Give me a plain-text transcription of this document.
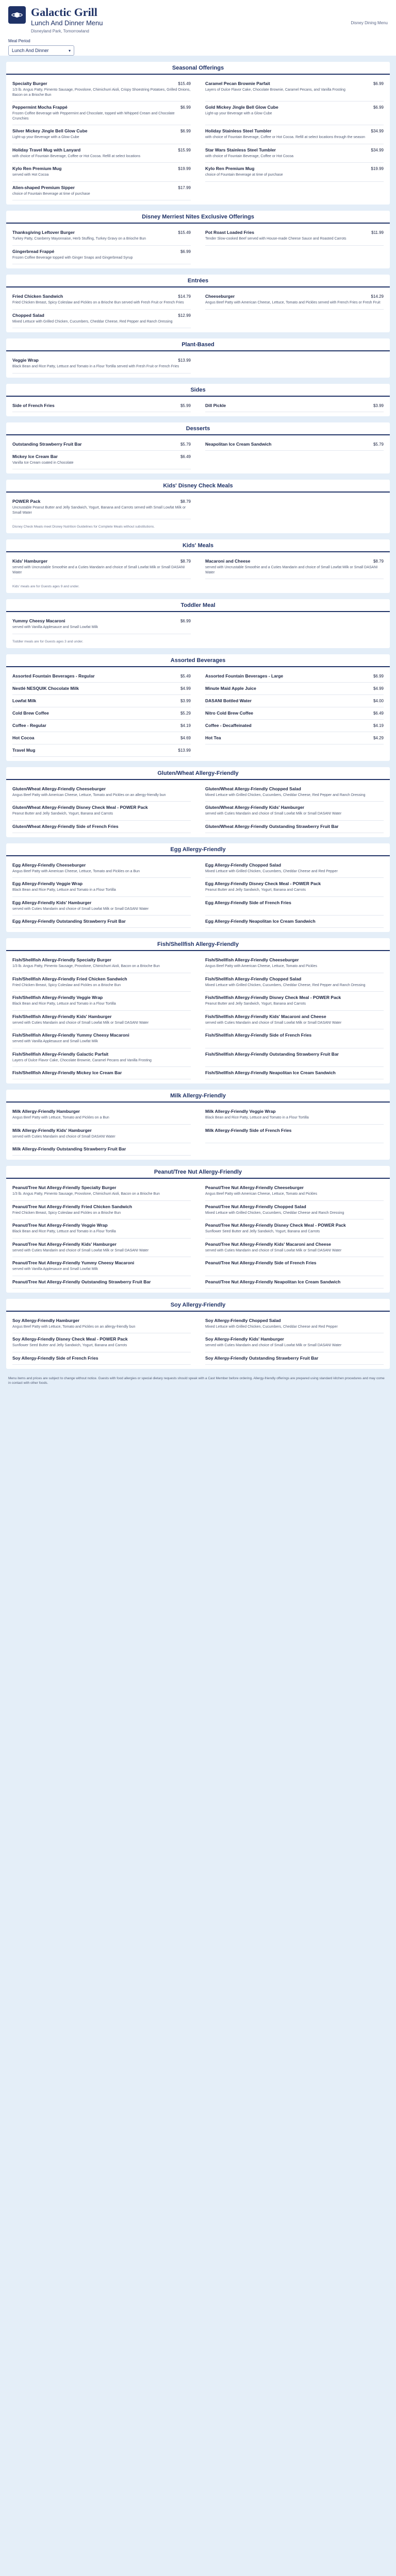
Galactic Grill
Lunch And Dinner Menu
Disneyland Park, Tomorrowland
Disney Dining Menu
Meal Period
Lunch And Dinner	▾
Seasonal Offerings
Specialty Burger	$15.49
1/3 lb. Angus Patty, Pimento Sausage, Provolone, Chimichurri Aioli, Crispy Shoestring Potatoes, Grilled Onions, Bacon on a Brioche Bun
Caramel Pecan Brownie Parfait	$6.99
Layers of Dulce Flavor Cake, Chocolate Brownie, Caramel Pecans, and Vanilla Frosting
Peppermint Mocha Frappé	$6.99
Frozen Coffee Beverage with Peppermint and Chocolate, topped with Whipped Cream and Chocolate Crunchies
Gold Mickey Jingle Bell Glow Cube	$6.99
Light-up your Beverage with a Glow Cube
Silver Mickey Jingle Bell Glow Cube	$6.99
Light-up your Beverage with a Glow Cube
Holiday Stainless Steel Tumbler	$34.99
with choice of Fountain Beverage, Coffee or Hot Cocoa. Refill at select locations through the season
Holiday Travel Mug with Lanyard	$15.99
with choice of Fountain Beverage, Coffee or Hot Cocoa. Refill at select locations
Star Wars Stainless Steel Tumbler	$34.99
with choice of Fountain Beverage, Coffee or Hot Cocoa
Kylo Ren Premium Mug	$19.99
served with Hot Cocoa
Kylo Ren Premium Mug	$19.99
choice of Fountain Beverage at time of purchase
Alien-shaped Premium Sipper	$17.99
choice of Fountain Beverage at time of purchase
Disney Merriest Nites Exclusive Offerings
Thanksgiving Leftover Burger	$15.49
Turkey Patty, Cranberry Mayonnaise, Herb Stuffing, Turkey Gravy on a Brioche Bun
Pot Roast Loaded Fries	$11.99
Tender Slow-cooked Beef served with House-made Cheese Sauce and Roasted Carrots
Gingerbread Frappé	$6.99
Frozen Coffee Beverage topped with Ginger Snaps and Gingerbread Syrup
Entrées
Fried Chicken Sandwich	$14.79
Fried Chicken Breast, Spicy Coleslaw and Pickles on a Brioche Bun served with Fresh Fruit or French Fries
Cheeseburger	$14.29
Angus Beef Patty with American Cheese, Lettuce, Tomato and Pickles served with French Fries or Fresh Fruit
Chopped Salad	$12.99
Mixed Lettuce with Grilled Chicken, Cucumbers, Cheddar Cheese, Red Pepper and Ranch Dressing
Plant-Based
Veggie Wrap	$13.99
Black Bean and Rice Patty, Lettuce and Tomato in a Flour Tortilla served with Fresh Fruit or French Fries
Sides
Side of French Fries	$5.99	Dill Pickle	$3.99
Desserts
Outstanding Strawberry Fruit Bar	$5.79	Neapolitan Ice Cream Sandwich	$5.79
Mickey Ice Cream Bar	$6.49
Vanilla Ice Cream coated in Chocolate
Kids' Disney Check Meals
POWER Pack	$8.79
Uncrustable Peanut Butter and Jelly Sandwich, Yogurt, Banana and Carrots served with Small Lowfat Milk or Small Water
Disney Check Meals meet Disney Nutrition Guidelines for Complete Meals without substitutions.
Kids' Meals
Kids' Hamburger	$8.79
served with Uncrustable Smoothie and a Cuties Mandarin and choice of Small Lowfat Milk or Small DASANI Water
Macaroni and Cheese	$8.79
served with Uncrustable Smoothie and a Cuties Mandarin and choice of Small Lowfat Milk or Small DASANI Water
Kids' meals are for Guests ages 9 and under.
Toddler Meal
Yummy Cheesy Macaroni	$6.99
served with Vanilla Applesauce and Small Lowfat Milk
Toddler meals are for Guests ages 3 and under.
Assorted Beverages
Assorted Fountain Beverages - Regular	$5.49	Assorted Fountain Beverages - Large	$6.99
Nestlé NESQUIK Chocolate Milk	$4.99	Minute Maid Apple Juice	$4.99
Lowfat Milk	$3.99	DASANI Bottled Water	$4.00
Cold Brew Coffee	$5.29	Nitro Cold Brew Coffee	$6.49
Coffee - Regular	$4.19	Coffee - Decaffeinated	$4.19
Hot Cocoa	$4.69	Hot Tea	$4.29
Travel Mug	$13.99
Gluten/Wheat Allergy-Friendly
Gluten/Wheat Allergy-Friendly Cheeseburger
Angus Beef Patty with American Cheese, Lettuce, Tomato and Pickles on an allergy-friendly bun
Gluten/Wheat Allergy-Friendly Chopped Salad
Mixed Lettuce with Grilled Chicken, Cucumbers, Cheddar Cheese, Red Pepper and Ranch Dressing
Gluten/Wheat Allergy-Friendly Disney Check Meal - POWER Pack
Peanut Butter and Jelly Sandwich, Yogurt, Banana and Carrots
Gluten/Wheat Allergy-Friendly Kids' Hamburger
served with Cuties Mandarin and choice of Small Lowfat Milk or Small DASANI Water
Gluten/Wheat Allergy-Friendly Side of French Fries	Gluten/Wheat Allergy-Friendly Outstanding Strawberry Fruit Bar
Egg Allergy-Friendly
Egg Allergy-Friendly Cheeseburger
Angus Beef Patty with American Cheese, Lettuce, Tomato and Pickles on a Bun
Egg Allergy-Friendly Chopped Salad
Mixed Lettuce with Grilled Chicken, Cucumbers, Cheddar Cheese and Red Pepper
Egg Allergy-Friendly Veggie Wrap
Black Bean and Rice Patty, Lettuce and Tomato in a Flour Tortilla
Egg Allergy-Friendly Disney Check Meal - POWER Pack
Peanut Butter and Jelly Sandwich, Yogurt, Banana and Carrots
Egg Allergy-Friendly Kids' Hamburger
served with Cuties Mandarin and choice of Small Lowfat Milk or Small DASANI Water
Egg Allergy-Friendly Side of French Fries
Egg Allergy-Friendly Outstanding Strawberry Fruit Bar	Egg Allergy-Friendly Neapolitan Ice Cream Sandwich
Fish/Shellfish Allergy-Friendly
Fish/Shellfish Allergy-Friendly Specialty Burger
1/3 lb. Angus Patty, Pimento Sausage, Provolone, Chimichurri Aioli, Bacon on a Brioche Bun
Fish/Shellfish Allergy-Friendly Cheeseburger
Angus Beef Patty with American Cheese, Lettuce, Tomato and Pickles
Fish/Shellfish Allergy-Friendly Fried Chicken Sandwich
Fried Chicken Breast, Spicy Coleslaw and Pickles on a Brioche Bun
Fish/Shellfish Allergy-Friendly Chopped Salad
Mixed Lettuce with Grilled Chicken, Cucumbers, Cheddar Cheese, Red Pepper and Ranch Dressing
Fish/Shellfish Allergy-Friendly Veggie Wrap
Black Bean and Rice Patty, Lettuce and Tomato in a Flour Tortilla
Fish/Shellfish Allergy-Friendly Disney Check Meal - POWER Pack
Peanut Butter and Jelly Sandwich, Yogurt, Banana and Carrots
Fish/Shellfish Allergy-Friendly Kids' Hamburger
served with Cuties Mandarin and choice of Small Lowfat Milk or Small DASANI Water
Fish/Shellfish Allergy-Friendly Kids' Macaroni and Cheese
served with Cuties Mandarin and choice of Small Lowfat Milk or Small DASANI Water
Fish/Shellfish Allergy-Friendly Yummy Cheesy Macaroni
served with Vanilla Applesauce and Small Lowfat Milk
Fish/Shellfish Allergy-Friendly Side of French Fries
Fish/Shellfish Allergy-Friendly Galactic Parfait
Layers of Dulce Flavor Cake, Chocolate Brownie, Caramel Pecans and Vanilla Frosting
Fish/Shellfish Allergy-Friendly Outstanding Strawberry Fruit Bar
Fish/Shellfish Allergy-Friendly Mickey Ice Cream Bar	Fish/Shellfish Allergy-Friendly Neapolitan Ice Cream Sandwich
Milk Allergy-Friendly
Milk Allergy-Friendly Hamburger
Angus Beef Patty with Lettuce, Tomato and Pickles on a Bun
Milk Allergy-Friendly Veggie Wrap
Black Bean and Rice Patty, Lettuce and Tomato in a Flour Tortilla
Milk Allergy-Friendly Kids' Hamburger
served with Cuties Mandarin and choice of Small DASANI Water
Milk Allergy-Friendly Side of French Fries
Milk Allergy-Friendly Outstanding Strawberry Fruit Bar
Peanut/Tree Nut Allergy-Friendly
Peanut/Tree Nut Allergy-Friendly Specialty Burger
1/3 lb. Angus Patty, Pimento Sausage, Provolone, Chimichurri Aioli, Bacon on a Brioche Bun
Peanut/Tree Nut Allergy-Friendly Cheeseburger
Angus Beef Patty with American Cheese, Lettuce, Tomato and Pickles
Peanut/Tree Nut Allergy-Friendly Fried Chicken Sandwich
Fried Chicken Breast, Spicy Coleslaw and Pickles on a Brioche Bun
Peanut/Tree Nut Allergy-Friendly Chopped Salad
Mixed Lettuce with Grilled Chicken, Cucumbers, Cheddar Cheese and Ranch Dressing
Peanut/Tree Nut Allergy-Friendly Veggie Wrap
Black Bean and Rice Patty, Lettuce and Tomato in a Flour Tortilla
Peanut/Tree Nut Allergy-Friendly Disney Check Meal - POWER Pack
Sunflower Seed Butter and Jelly Sandwich, Yogurt, Banana and Carrots
Peanut/Tree Nut Allergy-Friendly Kids' Hamburger
served with Cuties Mandarin and choice of Small Lowfat Milk or Small DASANI Water
Peanut/Tree Nut Allergy-Friendly Kids' Macaroni and Cheese
served with Cuties Mandarin and choice of Small Lowfat Milk or Small DASANI Water
Peanut/Tree Nut Allergy-Friendly Yummy Cheesy Macaroni
served with Vanilla Applesauce and Small Lowfat Milk
Peanut/Tree Nut Allergy-Friendly Side of French Fries
Peanut/Tree Nut Allergy-Friendly Outstanding Strawberry Fruit Bar	Peanut/Tree Nut Allergy-Friendly Neapolitan Ice Cream Sandwich
Soy Allergy-Friendly
Soy Allergy-Friendly Hamburger
Angus Beef Patty with Lettuce, Tomato and Pickles on an allergy-friendly bun
Soy Allergy-Friendly Chopped Salad
Mixed Lettuce with Grilled Chicken, Cucumbers, Cheddar Cheese and Red Pepper
Soy Allergy-Friendly Disney Check Meal - POWER Pack
Sunflower Seed Butter and Jelly Sandwich, Yogurt, Banana and Carrots
Soy Allergy-Friendly Kids' Hamburger
served with Cuties Mandarin and choice of Small Lowfat Milk or Small DASANI Water
Soy Allergy-Friendly Side of French Fries	Soy Allergy-Friendly Outstanding Strawberry Fruit Bar
Menu items and prices are subject to change without notice. Guests with food allergies or special dietary requests should speak with a Cast Member before ordering. Allergy-friendly offerings are prepared using standard kitchen procedures and may come in contact with other foods.
